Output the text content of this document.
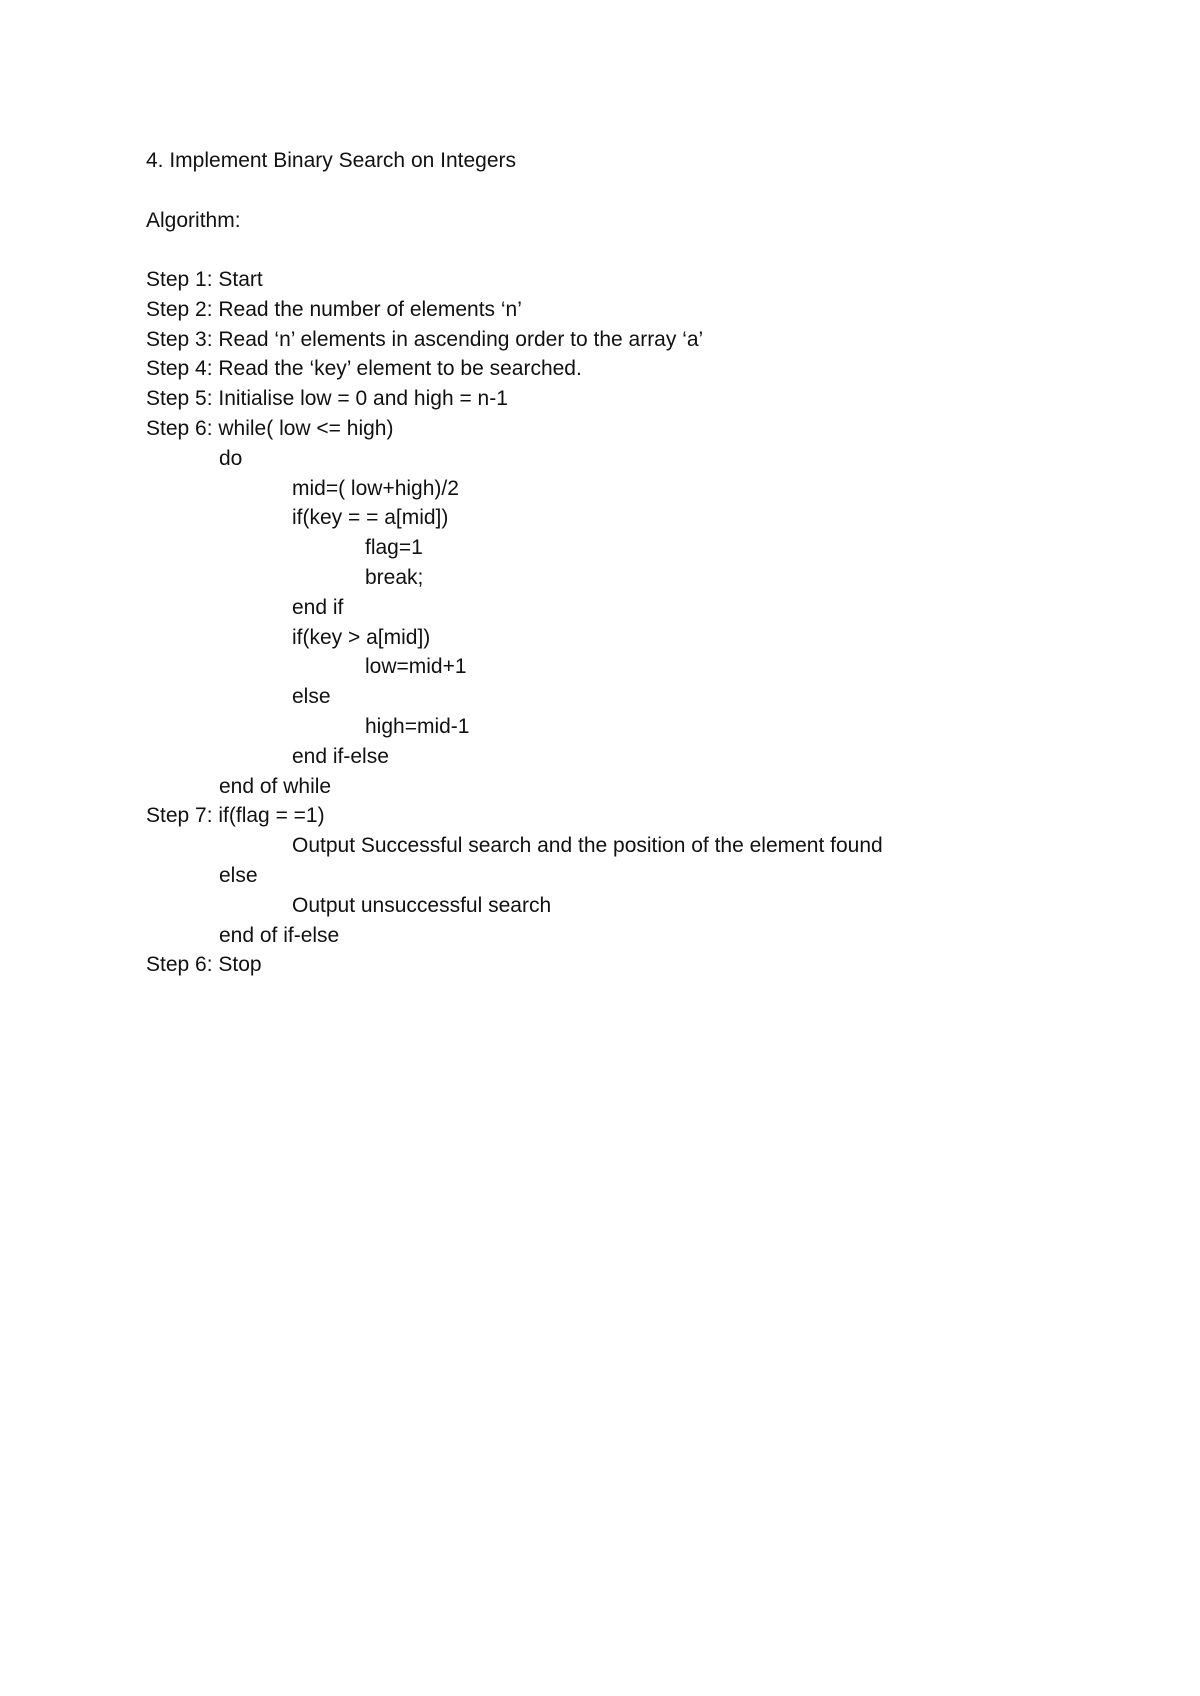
4. Implement Binary Search on Integers
Algorithm:
Step 1: Start
Step 2: Read the number of elements ‘n’
Step 3: Read ‘n’ elements in ascending order to the array ‘a’
Step 4: Read the ‘key’ element to be searched.
Step 5: Initialise low = 0 and high = n-1
Step 6: while( low <= high)
do
mid=( low+high)/2
if(key = = a[mid])
flag=1
break;
end if
if(key > a[mid])
low=mid+1
else
high=mid-1
end if-else
end of while
Step 7: if(flag = =1)
Output Successful search and the position of the element found
else
Output unsuccessful search
end of if-else
Step 6: Stop
